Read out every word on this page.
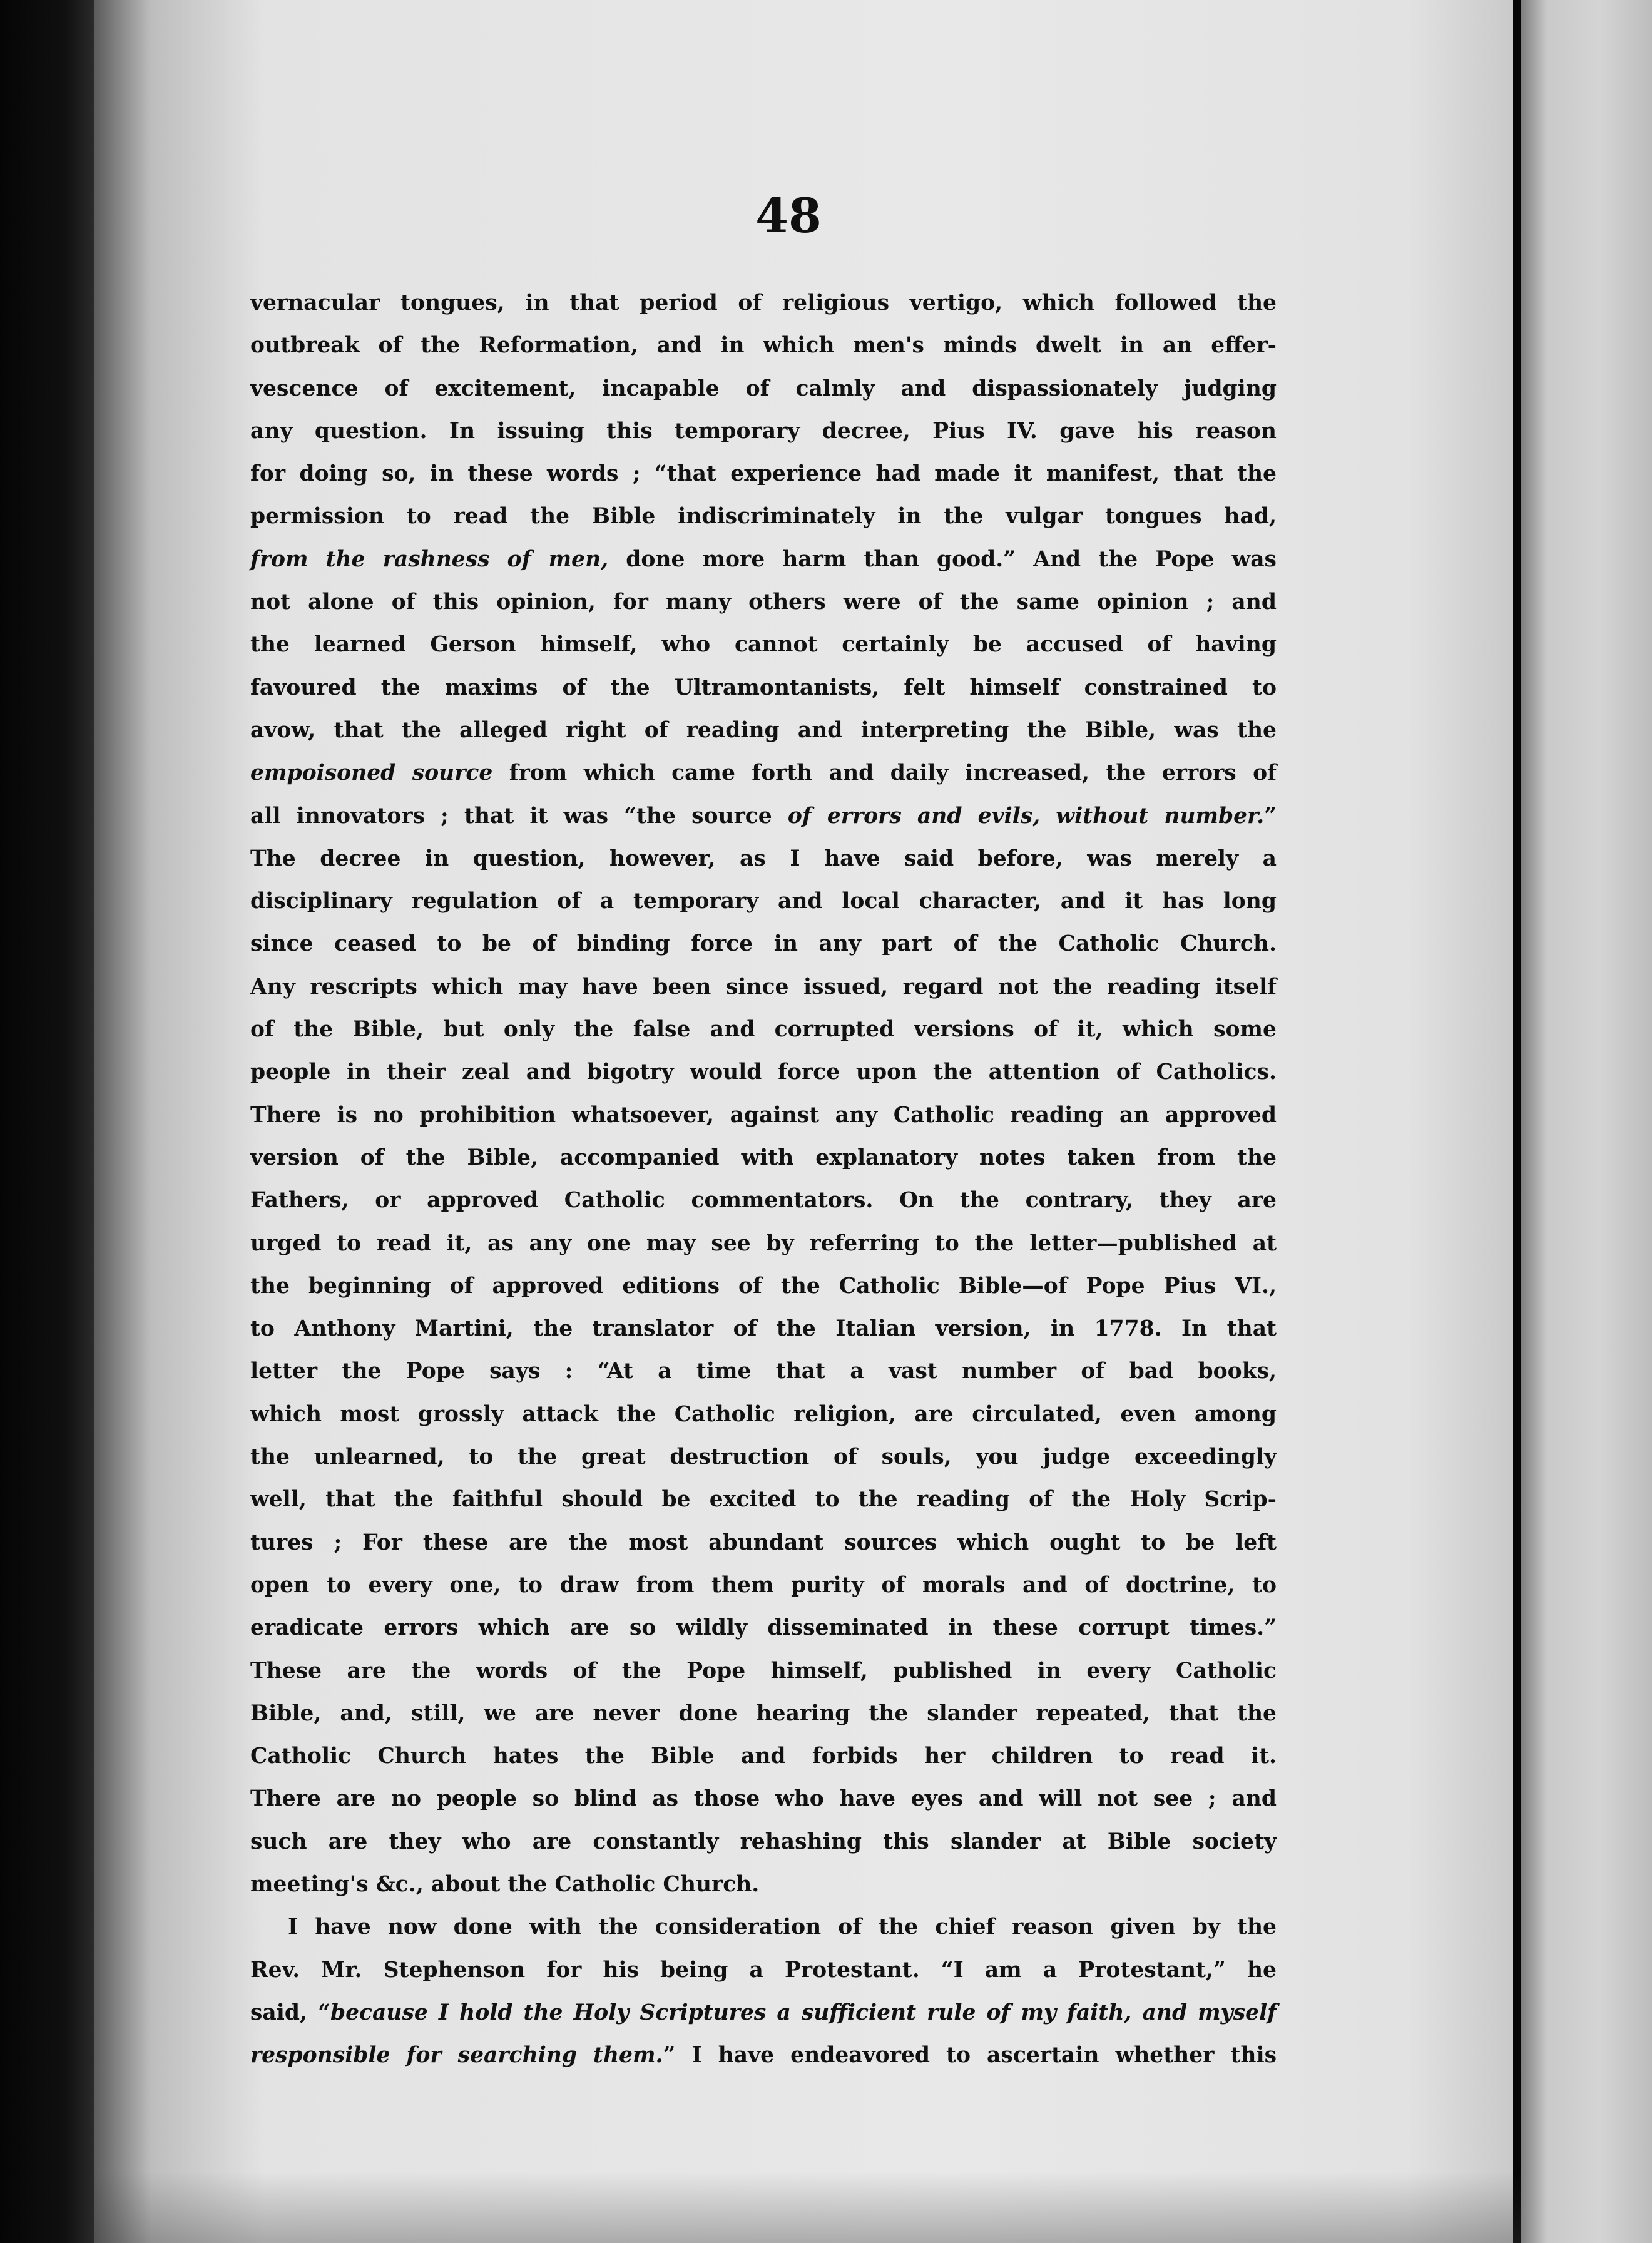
48
vernacular tongues, in that period of religious vertigo, which followed the
outbreak of the Reformation, and in which men's minds dwelt in an effer-
vescence of excitement, incapable of calmly and dispassionately judging
any question. In issuing this temporary decree, Pius IV. gave his reason
for doing so, in these words ; “that experience had made it manifest, that the
permission to read the Bible indiscriminately in the vulgar tongues had,
from the rashness of men, done more harm than good.” And the Pope was
not alone of this opinion, for many others were of the same opinion ; and
the learned Gerson himself, who cannot certainly be accused of having
favoured the maxims of the Ultramontanists, felt himself constrained to
avow, that the alleged right of reading and interpreting the Bible, was the
empoisoned source from which came forth and daily increased, the errors of
all innovators ; that it was “the source of errors and evils, without number.”
The decree in question, however, as I have said before, was merely a
disciplinary regulation of a temporary and local character, and it has long
since ceased to be of binding force in any part of the Catholic Church.
Any rescripts which may have been since issued, regard not the reading itself
of the Bible, but only the false and corrupted versions of it, which some
people in their zeal and bigotry would force upon the attention of Catholics.
There is no prohibition whatsoever, against any Catholic reading an approved
version of the Bible, accompanied with explanatory notes taken from the
Fathers, or approved Catholic commentators. On the contrary, they are
urged to read it, as any one may see by referring to the letter—published at
the beginning of approved editions of the Catholic Bible—of Pope Pius VI.,
to Anthony Martini, the translator of the Italian version, in 1778. In that
letter the Pope says : “At a time that a vast number of bad books,
which most grossly attack the Catholic religion, are circulated, even among
the unlearned, to the great destruction of souls, you judge exceedingly
well, that the faithful should be excited to the reading of the Holy Scrip-
tures ; For these are the most abundant sources which ought to be left
open to every one, to draw from them purity of morals and of doctrine, to
eradicate errors which are so wildly disseminated in these corrupt times.”
These are the words of the Pope himself, published in every Catholic
Bible, and, still, we are never done hearing the slander repeated, that the
Catholic Church hates the Bible and forbids her children to read it.
There are no people so blind as those who have eyes and will not see ; and
such are they who are constantly rehashing this slander at Bible society
meeting's &c., about the Catholic Church.
I have now done with the consideration of the chief reason given by the
Rev. Mr. Stephenson for his being a Protestant. “I am a Protestant,” he
said, “because I hold the Holy Scriptures a sufficient rule of my faith, and myself
responsible for searching them.” I have endeavored to ascertain whether this
